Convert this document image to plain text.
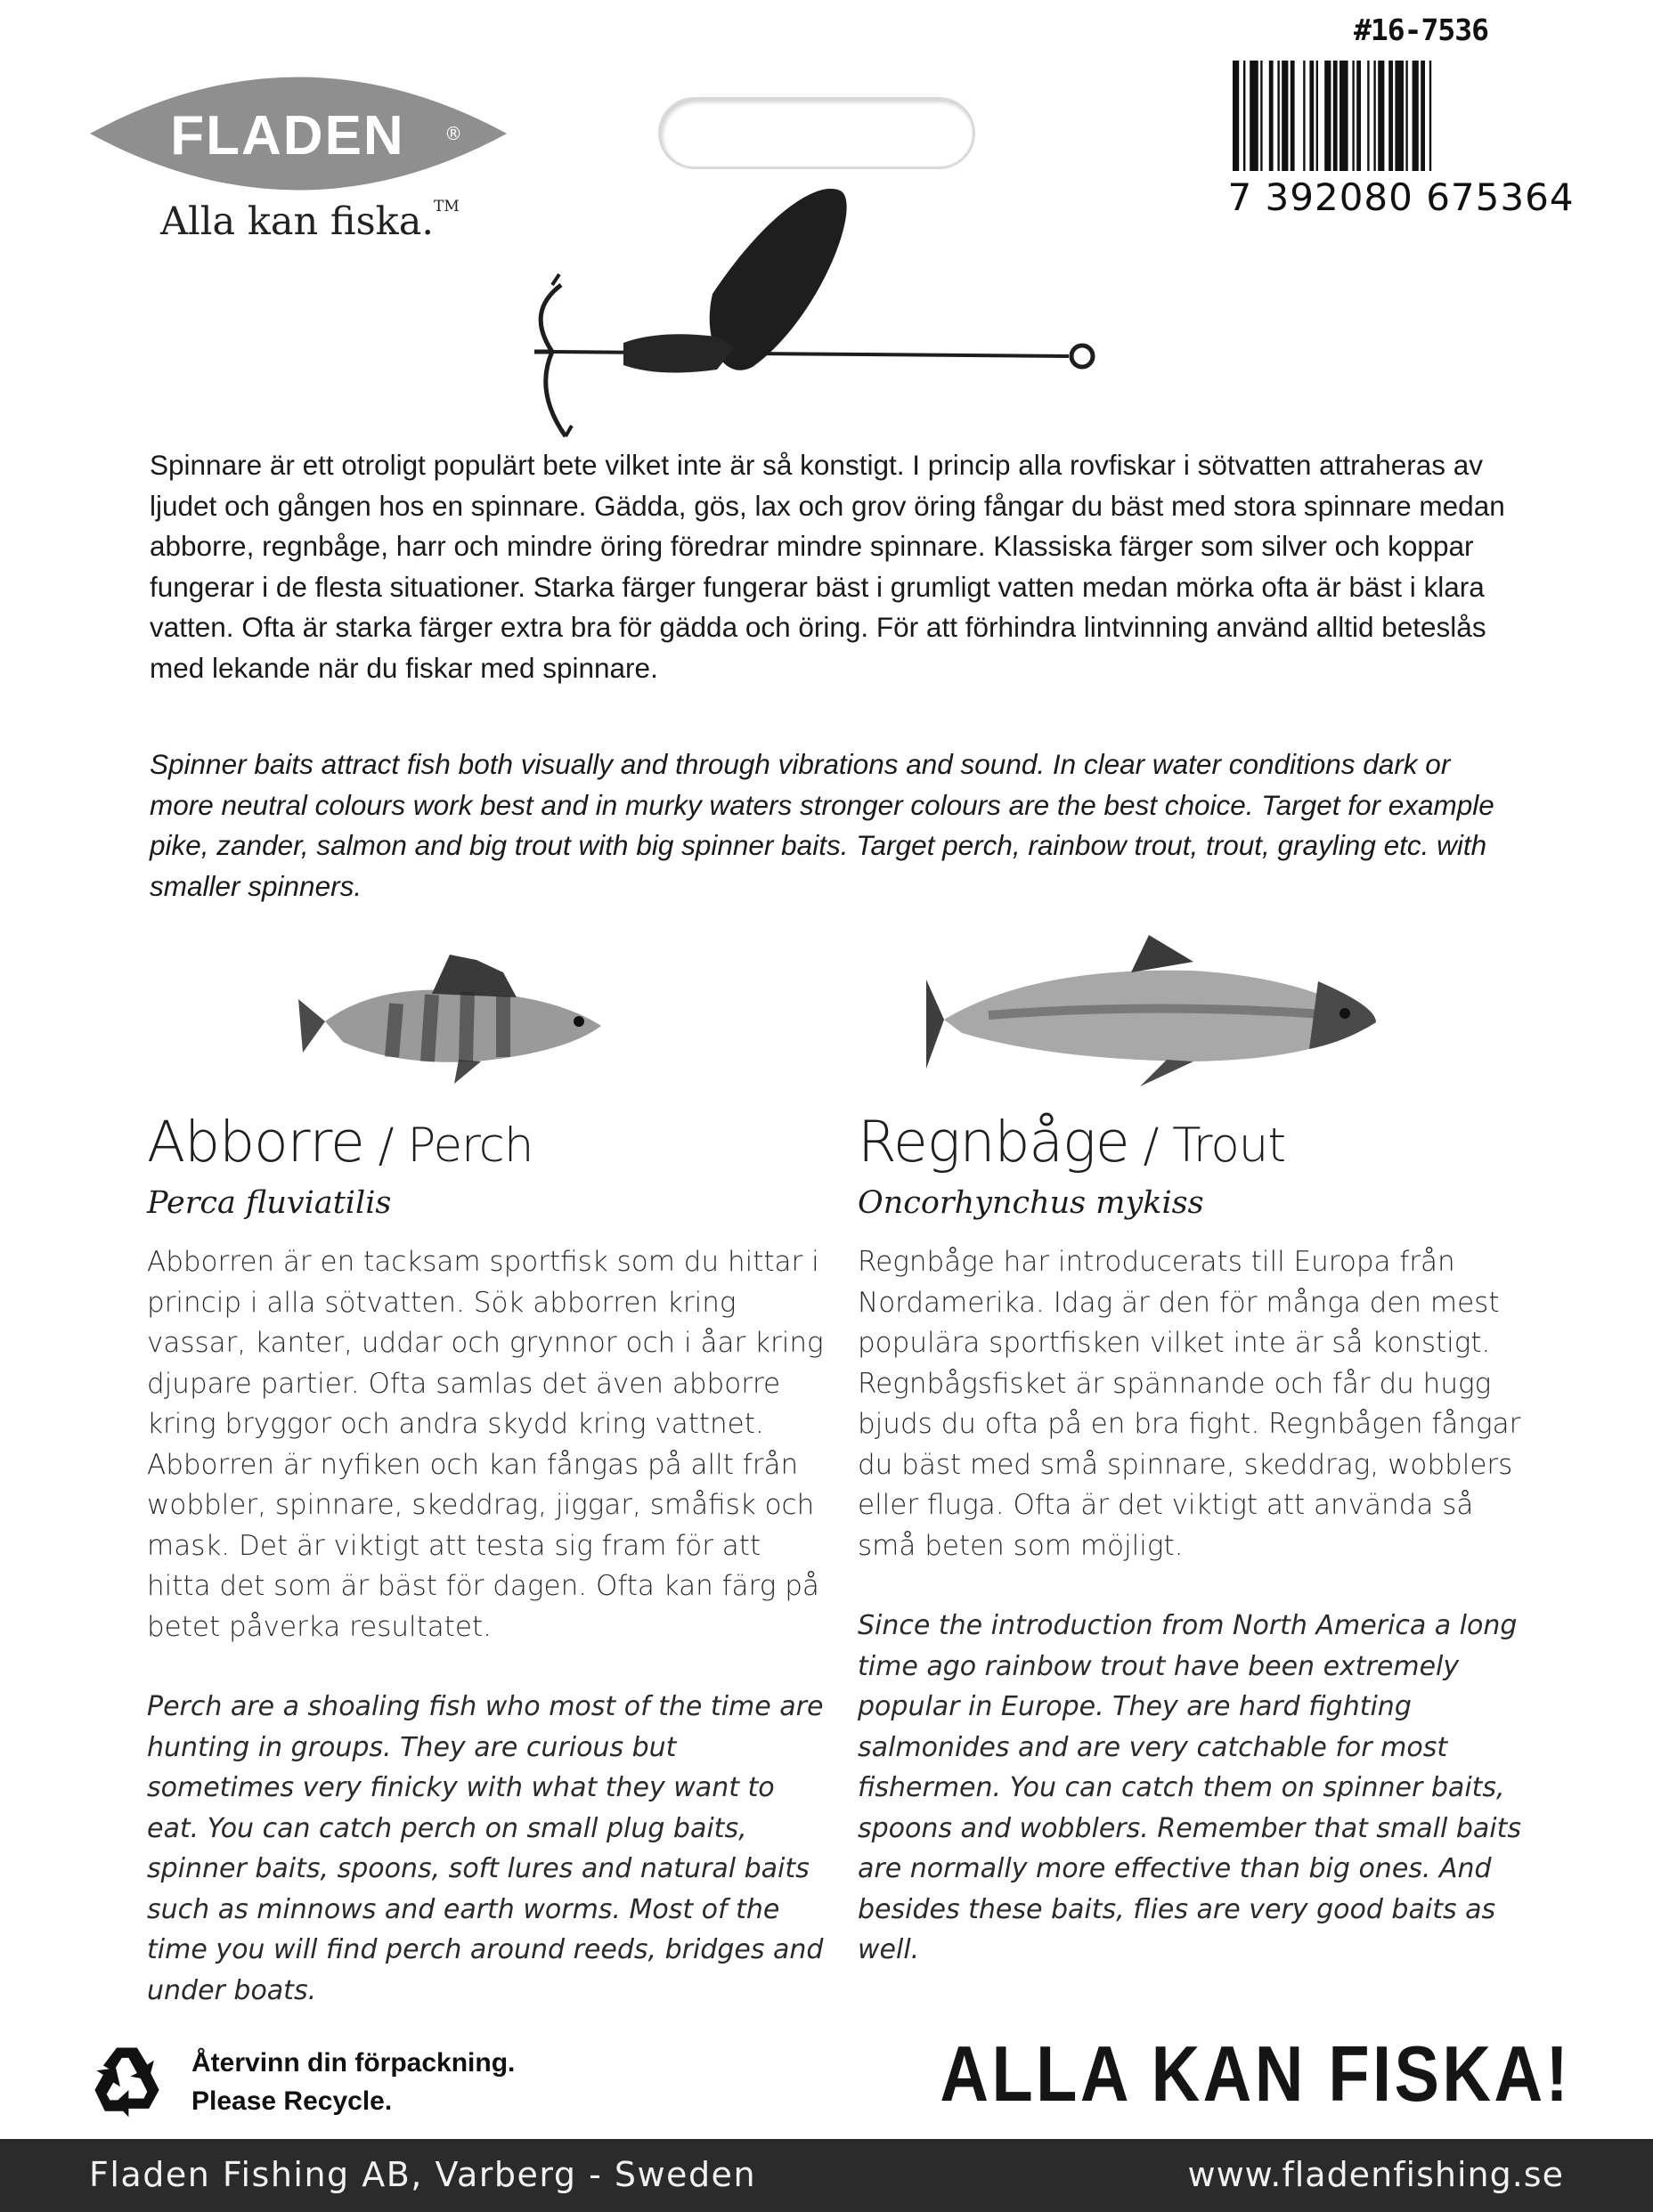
FLADEN ®
Alla kan fiska.™
#16-7536
7 392080 675364

Spinnare är ett otroligt populärt bete vilket inte är så konstigt. I princip alla rovfiskar i sötvatten attraheras av ljudet och gången hos en spinnare. Gädda, gös, lax och grov öring fångar du bäst med stora spinnare medan abborre, regnbåge, harr och mindre öring föredrar mindre spinnare. Klassiska färger som silver och koppar fungerar i de flesta situationer. Starka färger fungerar bäst i grumligt vatten medan mörka ofta är bäst i klara vatten. Ofta är starka färger extra bra för gädda och öring. För att förhindra lintvinning använd alltid beteslås med lekande när du fiskar med spinnare.

Spinner baits attract fish both visually and through vibrations and sound. In clear water conditions dark or more neutral colours work best and in murky waters stronger colours are the best choice. Target for example pike, zander, salmon and big trout with big spinner baits. Target perch, rainbow trout, trout, grayling etc. with smaller spinners.

Abborre / Perch
Perca fluviatilis

Abborren är en tacksam sportfisk som du hittar i princip i alla sötvatten. Sök abborren kring vassar, kanter, uddar och grynnor och i åar kring djupare partier. Ofta samlas det även abborre kring bryggor och andra skydd kring vattnet. Abborren är nyfiken och kan fångas på allt från wobbler, spinnare, skeddrag, jiggar, småfisk och mask. Det är viktigt att testa sig fram för att hitta det som är bäst för dagen. Ofta kan färg på betet påverka resultatet.

Perch are a shoaling fish who most of the time are hunting in groups. They are curious but sometimes very finicky with what they want to eat. You can catch perch on small plug baits, spinner baits, spoons, soft lures and natural baits such as minnows and earth worms. Most of the time you will find perch around reeds, bridges and under boats.

Regnbåge / Trout
Oncorhynchus mykiss

Regnbåge har introducerats till Europa från Nordamerika. Idag är den för många den mest populära sportfisken vilket inte är så konstigt. Regnbågsfisket är spännande och får du hugg bjuds du ofta på en bra fight. Regnbågen fångar du bäst med små spinnare, skeddrag, wobblers eller fluga. Ofta är det viktigt att använda så små beten som möjligt.

Since the introduction from North America a long time ago rainbow trout have been extremely popular in Europe. They are hard fighting salmonides and are very catchable for most fishermen. You can catch them on spinner baits, spoons and wobblers. Remember that small baits are normally more effective than big ones. And besides these baits, flies are very good baits as well.

Återvinn din förpackning.
Please Recycle.	ALLA KAN FISKA!
Fladen Fishing AB, Varberg - Sweden	www.fladenfishing.se
